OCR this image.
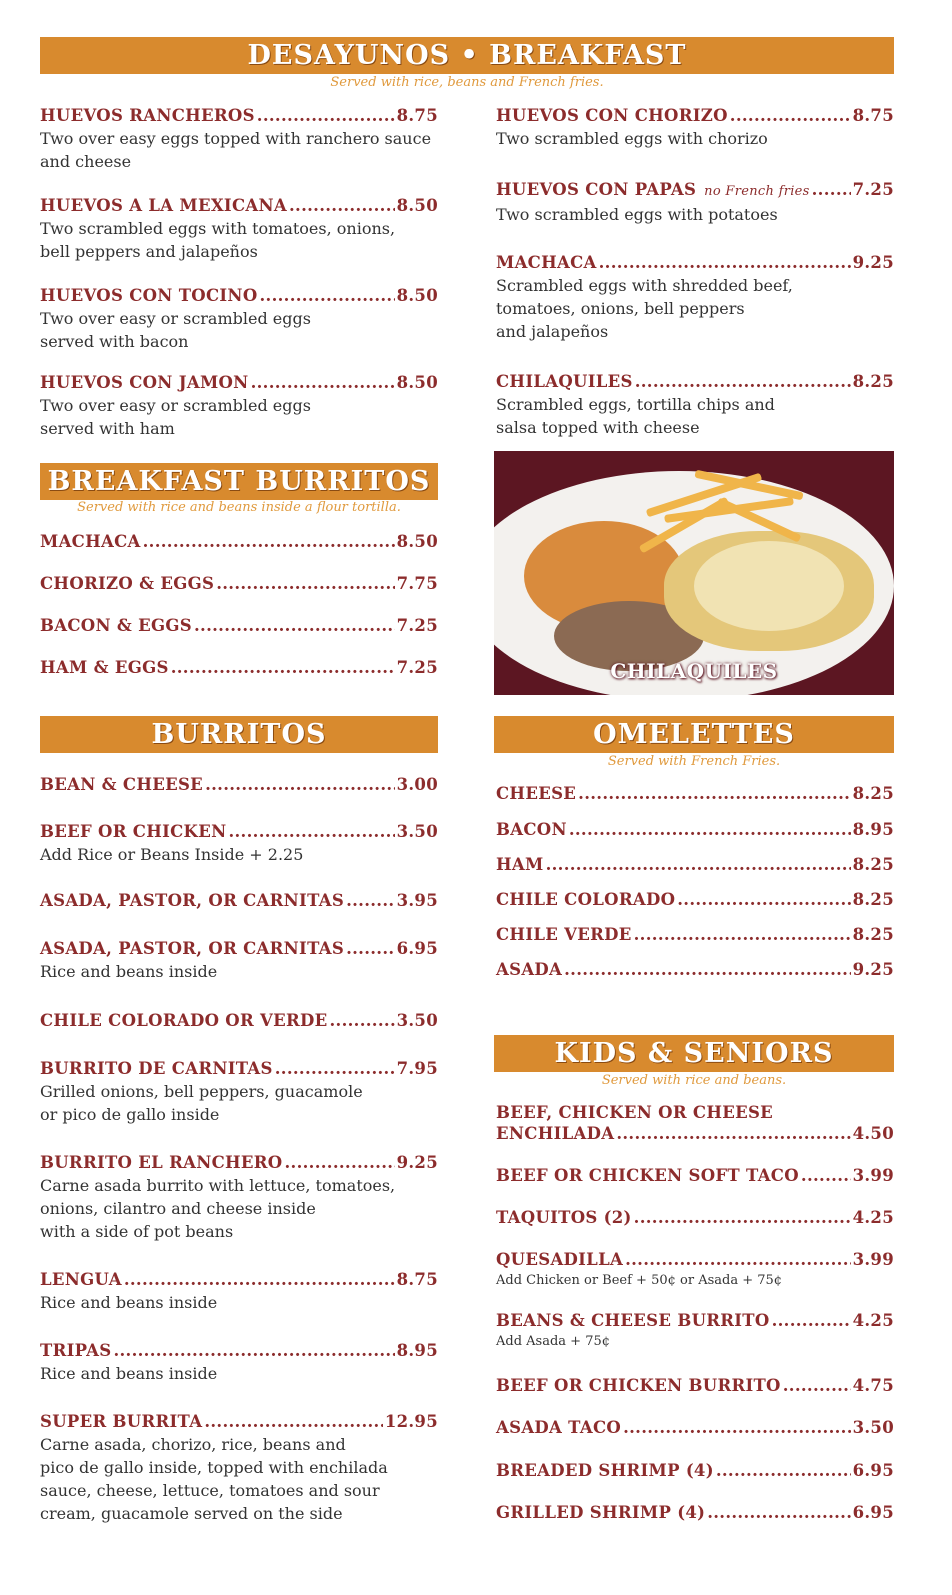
DESAYUNOS • BREAKFAST
Served with rice, beans and French fries.
HUEVOS RANCHEROS .....	8.75
Two over easy eggs topped with ranchero sauce
and cheese
HUEVOS A LA MEXICANA .....	8.50
Two scrambled eggs with tomatoes, onions,
bell peppers and jalapeños
HUEVOS CON TOCINO .....	8.50
Two over easy or scrambled eggs
served with bacon
HUEVOS CON JAMON .....	8.50
Two over easy or scrambled eggs
served with ham
HUEVOS CON CHORIZO .....	8.75
Two scrambled eggs with chorizo
HUEVOS CON PAPAS no French fries .....	7.25
Two scrambled eggs with potatoes
MACHACA .....	9.25
Scrambled eggs with shredded beef,
tomatoes, onions, bell peppers
and jalapeños
CHILAQUILES .....	8.25
Scrambled eggs, tortilla chips and
salsa topped with cheese
BREAKFAST BURRITOS
Served with rice and beans inside a flour tortilla.
MACHACA .....	8.50
CHORIZO & EGGS .....	7.75
BACON & EGGS .....	7.25
HAM & EGGS .....	7.25	CHILAQUILES
BURRITOS
BEAN & CHEESE .....	3.00
BEEF OR CHICKEN .....	3.50
Add Rice or Beans Inside + 2.25
ASADA, PASTOR, OR CARNITAS .....	3.95
ASADA, PASTOR, OR CARNITAS .....	6.95
Rice and beans inside
CHILE COLORADO OR VERDE .....	3.50
BURRITO DE CARNITAS .....	7.95
Grilled onions, bell peppers, guacamole
or pico de gallo inside
BURRITO EL RANCHERO .....	9.25
Carne asada burrito with lettuce, tomatoes,
onions, cilantro and cheese inside
with a side of pot beans
LENGUA .....	8.75
Rice and beans inside
TRIPAS .....	8.95
Rice and beans inside
SUPER BURRITA .....	12.95
Carne asada, chorizo, rice, beans and
pico de gallo inside, topped with enchilada
sauce, cheese, lettuce, tomatoes and sour
cream, guacamole served on the side
OMELETTES
Served with French Fries.
CHEESE .....	8.25
BACON .....	8.95
HAM .....	8.25
CHILE COLORADO .....	8.25
CHILE VERDE .....	8.25
ASADA .....	9.25
KIDS & SENIORS
Served with rice and beans.
BEEF, CHICKEN OR CHEESE
ENCHILADA .....	4.50
BEEF OR CHICKEN SOFT TACO .....	3.99
TAQUITOS (2) .....	4.25
QUESADILLA .....	3.99
Add Chicken or Beef + 50¢ or Asada + 75¢
BEANS & CHEESE BURRITO .....	4.25
Add Asada + 75¢
BEEF OR CHICKEN BURRITO .....	4.75
ASADA TACO .....	3.50
BREADED SHRIMP (4) .....	6.95
GRILLED SHRIMP (4) .....	6.95
